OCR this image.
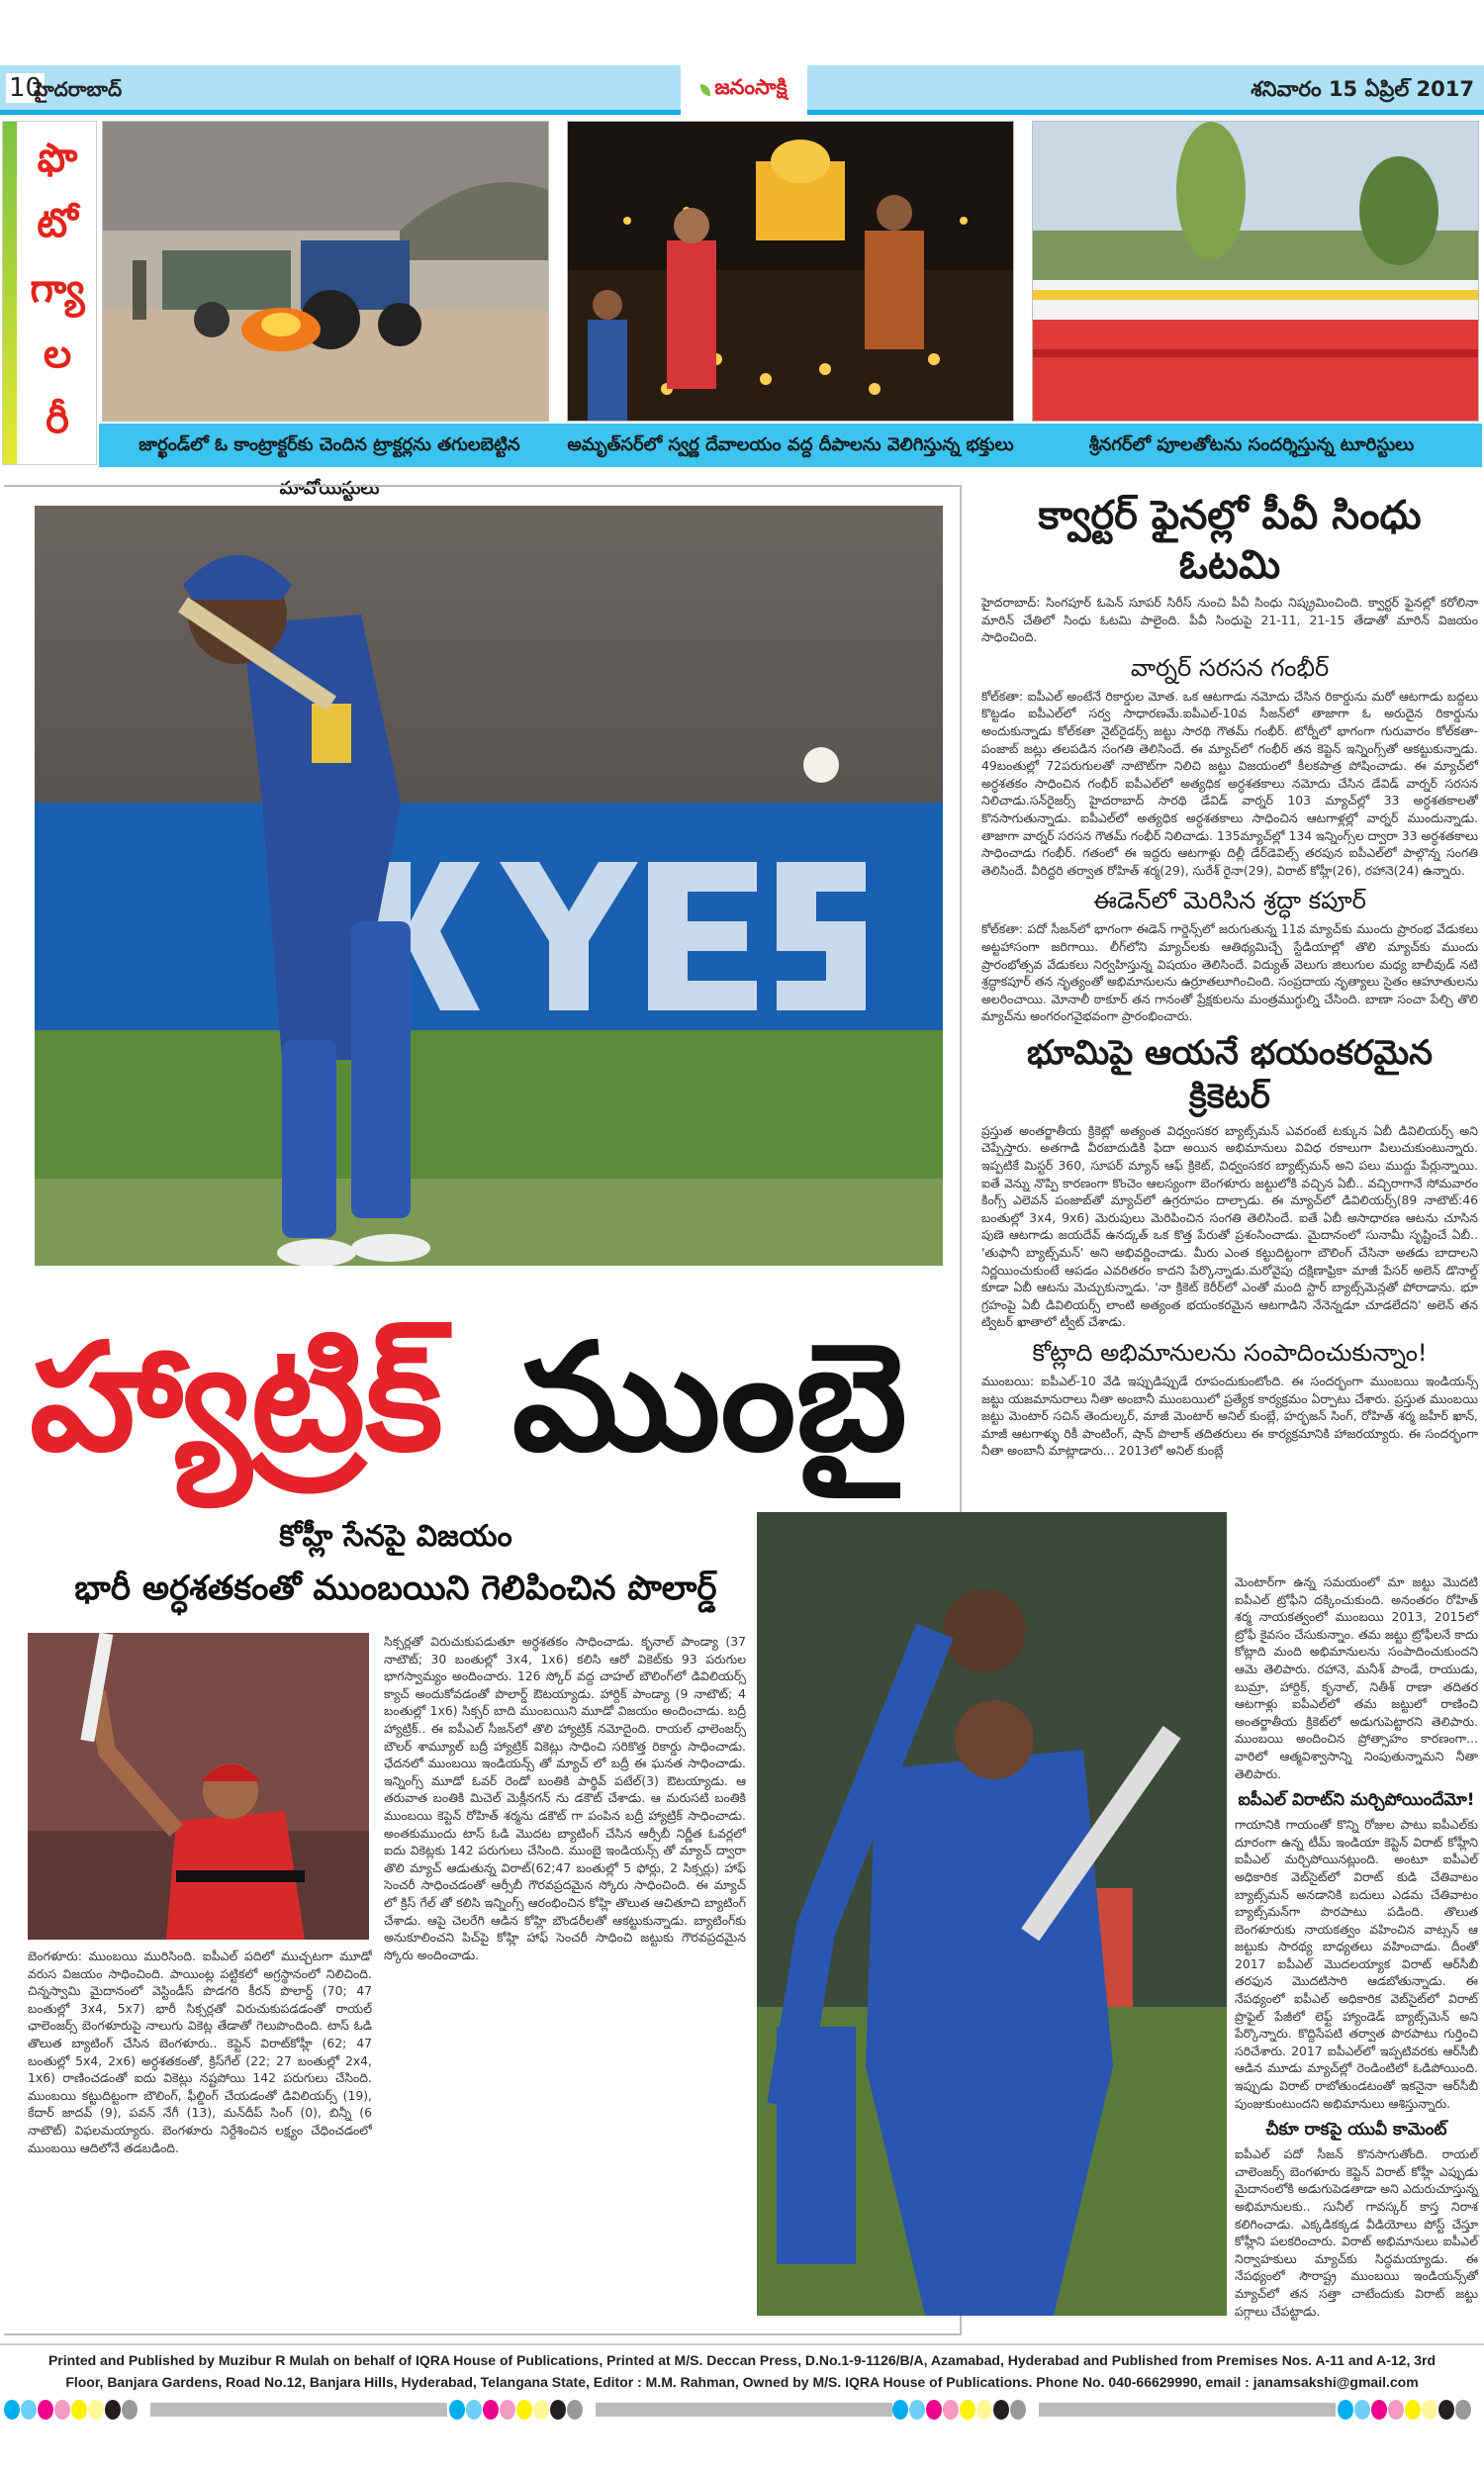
10
హైదరాబాద్	జనంసాక్షి	శనివారం 15 ఏప్రిల్ 2017
ఫొ
టో
గ్యా
ల
రీ
జార్ఖండ్‌లో ఓ కాంట్రాక్టర్‌కు చెందిన ట్రాక్టర్లను తగులబెట్టిన మావోయిస్టులు
అమృత్‌సర్‌లో స్వర్ణ దేవాలయం వద్ద దీపాలను వెలిగిస్తున్న భక్తులు	శ్రీనగర్‌లో పూలతోటను సందర్శిస్తున్న టూరిస్టులు
హ్యాట్రిక్ ముంబై
కోహ్లీ సేనపై విజయం
భారీ అర్ధశతకంతో ముంబయిని గెలిపించిన పొలార్డ్
బెంగళూరు: ముంబయి మురిసింది. ఐపీఎల్ పదిలో ముచ్చటగా మూడో వరుస విజయం సాధించింది. పాయింట్ల పట్టికలో అగ్రస్థానంలో నిలిచింది. చిన్నస్వామి మైదానంలో వెస్టిండీస్ పొడగరి కీరన్ పొలార్డ్ (70; 47 బంతుల్లో 3x4, 5x7) భారీ సిక్సర్లతో విరుచుకుపడడంతో రాయల్ ఛాలెంజర్స్ బెంగళూరుపై నాలుగు వికెట్ల తేడాతో గెలుపొందింది. టాస్ ఓడి తొలుత బ్యాటింగ్ చేసిన బెంగళూరు.. కెప్టెన్ విరాట్‌కోహ్లీ (62; 47 బంతుల్లో 5x4, 2x6) అర్ధశతకంతో, క్రిస్‌గేల్ (22; 27 బంతుల్లో 2x4, 1x6) రాణించడంతో ఐదు వికెట్లు నష్టపోయి 142 పరుగులు చేసింది. ముంబయి కట్టుదిట్టంగా బౌలింగ్, ఫీల్డింగ్ చేయడంతో డివిలియర్స్ (19), కేదార్ జాదవ్ (9), పవన్ నేగీ (13), మన్‌దీప్ సింగ్ (0), బిన్నీ (6 నాటౌట్) విఫలమయ్యారు. బెంగళూరు నిర్దేశించిన లక్ష్యం చేధించడంలో ముంబయి ఆదిలోనే తడబడింది.
సిక్సర్లతో విరుచుకుపడుతూ అర్ధశతకం సాధించాడు. కృనాల్ పాండ్యా (37 నాటౌట్; 30 బంతుల్లో 3x4, 1x6) కలిసి ఆరో వికెట్‌కు 93 పరుగుల భాగస్వామ్యం అందించారు. 126 స్కోర్ వద్ద చాహల్ బౌలింగ్‌లో డివిలియర్స్ క్యాచ్ అందుకోవడంతో పొలార్డ్ ఔటయ్యాడు. హార్దిక్ పాండ్యా (9 నాటౌట్; 4 బంతుల్లో 1x6) సిక్సర్ బాది ముంబయిని మూడో విజయం అందించాడు. బద్రీ హ్యాట్రిక్.. ఈ ఐపీఎల్ సీజన్‌లో తొలి హ్యాట్రిక్ నమోదైంది. రాయల్ ఛాలెంజర్స్ బౌలర్ శామ్యూల్ బద్రీ హ్యాట్రిక్ వికెట్లు సాధించి సరికొత్త రికార్డు సాధించాడు. ఛేదనలో ముంబయి ఇండియన్స్ తో మ్యాచ్ లో బద్రీ ఈ ఘనత సాధించాడు. ఇన్నింగ్స్ మూడో ఓవర్ రెండో బంతికి పార్థివ్ పటేల్(3) ఔటయ్యాడు. ఆ తరువాత బంతికి మిచెల్ మెక్లీనగన్ ను డకౌట్ చేశాడు. ఆ మరుసటి బంతికి ముంబయి కెప్టెన్ రోహిత్ శర్మను డకౌట్ గా పంపిన బద్రీ హ్యాట్రిక్ సాధించాడు. అంతకుముందు టాస్ ఓడి మొదట బ్యాటింగ్ చేసిన ఆర్సీబీ నిర్ణీత ఓవర్లలో ఐదు వికెట్లకు 142 పరుగులు చేసింది. ముంబై ఇండియన్స్ తో మ్యాచ్ ద్వారా తొలి మ్యాచ్ ఆడుతున్న విరాట్(62;47 బంతుల్లో 5 ఫోర్లు, 2 సిక్సర్లు) హాఫ్ సెంచరీ సాధించడంతో ఆర్సీబీ గౌరవప్రదమైన స్కోరు సాధించింది. ఈ మ్యాచ్ లో క్రిస్ గేల్ తో కలిసి ఇన్నింగ్స్ ఆరంభించిన కోహ్లి తొలుత ఆచితూచి బ్యాటింగ్ చేశాడు. ఆపై చెలరేగి ఆడిన కోహ్లి బౌండరీలతో ఆకట్టుకున్నాడు. బ్యాటింగ్‌కు అనుకూలించని పిచ్‌పై కోహ్లి హాఫ్ సెంచరీ సాధించి జట్టుకు గౌరవప్రదమైన స్కోరు అందించాడు.
క్వార్టర్ ఫైనల్లో పీవీ సింధు ఓటమి
హైదరాబాద్: సింగపూర్ ఓపెన్ సూపర్ సిరీస్ నుంచి పీవీ సింధు నిష్క్రమించింది. క్వార్టర్ ఫైనల్లో కరోలినా మారిన్ చేతిలో సింధు ఓటమి పాలైంది. పీవీ సింధుపై 21-11, 21-15 తేడాతో మారిన్ విజయం సాధించింది.
వార్నర్ సరసన గంభీర్
కోల్‌కతా: ఐపీఎల్ అంటేనే రికార్డుల మోత. ఒక ఆటగాడు నమోదు చేసిన రికార్డును మరో ఆటగాడు బద్దలు కొట్టడం ఐపీఎల్‌లో సర్వ సాధారణమే.ఐపీఎల్-10వ సీజన్‌లో తాజాగా ఓ అరుదైన రికార్డును అందుకున్నాడు కోల్‌కతా నైట్‌రైడర్స్ జట్టు సారథి గౌతమ్ గంభీర్. టోర్నీలో భాగంగా గురువారం కోల్‌కతా-పంజాబ్ జట్లు తలపడిన సంగతి తెలిసిందే. ఈ మ్యాచ్‌లో గంభీర్ తన కెప్టెన్ ఇన్నింగ్స్‌తో ఆకట్టుకున్నాడు. 49బంతుల్లో 72పరుగులతో నాటౌట్‌గా నిలిచి జట్టు విజయంలో కీలకపాత్ర పోషించాడు. ఈ మ్యాచ్‌లో అర్ధశతకం సాధించిన గంభీర్ ఐపీఎల్‌లో అత్యధిక అర్ధశతకాలు నమోదు చేసిన డేవిడ్ వార్నర్ సరసన నిలిచాడు.సన్‌రైజర్స్ హైదరాబాద్ సారథి డేవిడ్ వార్నర్ 103 మ్యాచ్‌ల్లో 33 అర్ధశతకాలతో కొనసాగుతున్నాడు. ఐపీఎల్‌లో అత్యధిక అర్ధశతకాలు సాధించిన ఆటగాళ్లల్లో వార్నర్ ముందున్నాడు. తాజాగా వార్నర్ సరసన గౌతమ్ గంభీర్ నిలిచాడు. 135మ్యాచ్‌ల్లో 134 ఇన్నింగ్స్‌ల ద్వారా 33 అర్ధశతకాలు సాధించాడు గంభీర్. గతంలో ఈ ఇద్దరు ఆటగాళ్లు దిల్లీ డేర్‌డెవిల్స్ తరపున ఐపీఎల్‌లో పాల్గొన్న సంగతి తెలిసిందే. వీరిద్దరి తర్వాత రోహిత్ శర్మ(29), సురేశ్ రైనా(29), విరాట్ కోహ్లీ(26), రహానె(24) ఉన్నారు.
ఈడెన్‌లో మెరిసిన శ్రద్ధా కపూర్
కోల్‌కతా: పదో సీజన్‌లో భాగంగా ఈడెన్ గార్డెన్స్‌లో జరుగుతున్న 11వ మ్యాచ్‌కు ముందు ప్రారంభ వేడుకలు అట్టహాసంగా జరిగాయి. లీగ్‌లోని మ్యాచ్‌లకు ఆతిథ్యమిచ్చే స్టేడియాల్లో తొలి మ్యాచ్‌కు ముందు ప్రారంభోత్సవ వేడుకలు నిర్వహిస్తున్న విషయం తెలిసిందే. విద్యుత్ వెలుగు జిలుగుల మధ్య బాలీవుడ్ నటి శ్రద్ధాకపూర్ తన నృత్యంతో అభిమానులను ఉర్రూతలూగించింది. సంప్రదాయ నృత్యాలు సైతం ఆహూతులను అలరించాయి. మోనాలీ ఠాకూర్ తన గానంతో ప్రేక్షకులను మంత్రముగ్ధుల్ని చేసింది. బాణా సంచా పేల్చి తొలి మ్యాచ్‌ను అంగరంగవైభవంగా ప్రారంభించారు.
భూమిపై ఆయనే భయంకరమైన క్రికెటర్
ప్రస్తుత అంతర్జాతీయ క్రికెట్లో అత్యంత విధ్వంసకర బ్యాట్స్‌మన్ ఎవరంటే టక్కున ఏబీ డివిలియర్స్ అని చెప్పేస్తారు. అతగాడి వీరబాదుడికి ఫిదా అయిన అభిమానులు వివిధ రకాలుగా పిలుచుకుంటున్నారు. ఇప్పటికే మిస్టర్ 360, సూపర్ మ్యాన్ ఆఫ్ క్రికెట్, విధ్వంసకర బ్యాట్స్‌మన్ అని పలు ముద్దు పేర్లున్నాయి. ఐతే వెన్ను నొప్పి కారణంగా కొంచెం ఆలస్యంగా బెంగళూరు జట్టులోకి వచ్చిన ఏబీ.. వచ్చిరాగానే సోమవారం కింగ్స్ ఎలెవన్ పంజాబ్‌తో మ్యాచ్‌లో ఉగ్రరూపం దాల్చాడు. ఈ మ్యాచ్‌లో డివిలియర్స్(89 నాటౌట్:46 బంతుల్లో 3x4, 9x6) మెరుపులు మెరిపించిన సంగతి తెలిసిందే. ఐతే ఏబీ అసాధారణ ఆటను చూసిన పుణె ఆటగాడు జయదేవ్ ఉనద్కత్ ఒక కొత్త పేరుతో ప్రశంసించాడు. మైదానంలో సునామీ సృష్టించే ఏబీ.. 'తుఫానీ బ్యాట్స్‌మన్' అని అభివర్ణించాడు. మీరు ఎంత కట్టుదిట్టంగా బౌలింగ్ చేసినా అతడు బాదాలని నిర్ణయించుకుంటే ఆపడం ఎవరితరం కాదని పేర్కొన్నాడు.మరోవైపు దక్షిణాఫ్రికా మాజీ పేసర్ అలెన్ డొనాల్డ్ కూడా ఏబీ ఆటను మెచ్చుకున్నాడు. 'నా క్రికెట్ కెరీర్‌లో ఎంతో మంది స్టార్ బ్యాట్స్‌మెన్లతో పోరాడాను. భూ గ్రహంపై ఏబీ డివిలియర్స్ లాంటి అత్యంత భయంకరమైన ఆటగాడిని నేనెన్నడూ చూడలేదని' అలెన్ తన ట్విటర్ ఖాతాలో ట్వీట్ చేశాడు.
కోట్లాది అభిమానులను సంపాదించుకున్నాం!
ముంబయి: ఐపీఎల్-10 వేడి ఇప్పుడిప్పుడే రూపందుకుంటోంది. ఈ సందర్భంగా ముంబయి ఇండియన్స్ జట్టు యజమానురాలు నీతా అంబానీ ముంబయిలో ప్రత్యేక కార్యక్రమం ఏర్పాటు చేశారు. ప్రస్తుత ముంబయి జట్టు మెంటార్ సచిన్ తెందుల్కర్, మాజీ మెంటార్ అనిల్ కుంబ్లే, హర్భజన్ సింగ్, రోహిత్ శర్మ జహీర్ ఖాన్, మాజీ ఆటగాళ్ళు రికీ పాంటింగ్, షాన్ పొలాక్ తదితరులు ఈ కార్యక్రమానికి హాజరయ్యారు. ఈ సందర్భంగా నీతా అంబానీ మాట్లాడారు... 2013లో అనిల్ కుంబ్లే
మెంటార్‌గా ఉన్న సమయంలో మా జట్టు మొదటి ఐపీఎల్ ట్రోఫీని దక్కించుకుంది. అనంతరం రోహిత్ శర్మ నాయకత్వంలో ముంబయి 2013, 2015లో ట్రోఫీ కైవసం చేసుకున్నాం. తమ జట్టు ట్రోఫీలనే కాదు కోట్లాది మంది అభిమానులను సంపాదించుకుందని ఆమె తెలిపారు. రహానె, మనీశ్ పాండే, రాయుడు, బుమ్రా, హార్దిక్, కృనాల్, నితీశ్ రాణా తదితర ఆటగాళ్లు ఐపీఎల్‌లో తమ జట్టులో రాణించి అంతర్జాతీయ క్రికెట్‌లో అడుగుపెట్టారని తెలిపారు. ముంబయి అందించిన ప్రోత్సాహం కారణంగా... వారిలో ఆత్మవిశ్వాసాన్ని నింపుతున్నామని నీతా తెలిపారు.
ఐపీఎల్ విరాట్‌ని మర్చిపోయిందేమో!
గాయానికి గాయంతో కొన్ని రోజుల పాటు ఐపీఎల్‌కు దూరంగా ఉన్న టీమ్ ఇండియా కెప్టెన్ విరాట్ కోహ్లీని ఐపీఎల్ మర్చిపోయినట్లుంది. అంటూ ఐపీఎల్ అధికారిక వెబ్‌సైట్‌లో విరాట్ కుడి చేతివాటం బ్యాట్స్‌మన్ అనడానికి బదులు ఎడమ చేతివాటం బ్యాట్స్‌మన్‌గా పొరపాటు పడింది. తొలుత బెంగళూరుకు నాయకత్వం వహించిన వాట్సన్ ఆ జట్టుకు సారథ్య బాధ్యతలు వహించాడు. దీంతో 2017 ఐపీఎల్ మొదలయ్యాక విరాట్ ఆర్‌సీబీ తరఫున మొదటిసారి ఆడబోతున్నాడు. ఈ నేపథ్యంలో ఐపీఎల్ అధికారిక వెబ్‌సైట్‌లో విరాట్ ప్రొఫైల్ పేజీలో లెఫ్ట్ హ్యాండెడ్ బ్యాట్స్‌మెన్ అని పేర్కొన్నారు. కొద్దిసేపటి తర్వాత పొరపాటు గుర్తించి సరిచేశారు. 2017 ఐపీఎల్‌లో ఇప్పటివరకు ఆర్‌సీబీ ఆడిన మూడు మ్యాచ్‌ల్లో రెండింటిలో ఓడిపోయింది. ఇప్పుడు విరాట్ రాబోతుండటంతో ఇకనైనా ఆర్‌సీబీ పుంజుకుంటుందని అభిమానులు ఆశిస్తున్నారు.
చీకూ రాకపై యువీ కామెంట్
ఐపీఎల్ పదో సీజన్ కొనసాగుతోంది. రాయల్ చాలెంజర్స్ బెంగళూరు కెప్టెన్ విరాట్ కోహ్లీ ఎప్పుడు మైదానంలోకి అడుగుపెడతాడా అని ఎదురుచూస్తున్న అభిమానులకు.. సునీల్ గావస్కర్ కాస్త నిరాశ కలిగించాడు. ఎక్కడికక్కడ వీడియోలు పోస్ట్ చేస్తూ కోహ్లీని పలకరించారు. విరాట్ అభిమానులు ఐపీఎల్ నిర్వాహకులు మ్యాచ్‌కు సిద్ధమయ్యాడు. ఈ నేపథ్యంలో సౌరాష్ట్ర ముంబయి ఇండియన్స్‌తో మ్యాచ్‌లో తన సత్తా చాటేందుకు విరాట్ జట్టు పగ్గాలు చేపట్టాడు.
Printed and Published by Muzibur R Mulah on behalf of IQRA House of Publications, Printed at M/S. Deccan Press, D.No.1-9-1126/B/A, Azamabad, Hyderabad and Published from Premises Nos. A-11 and A-12, 3rd
Floor, Banjara Gardens, Road No.12, Banjara Hills, Hyderabad, Telangana State, Editor : M.M. Rahman, Owned by M/S. IQRA House of Publications. Phone No. 040-66629990, email : janamsakshi@gmail.com
